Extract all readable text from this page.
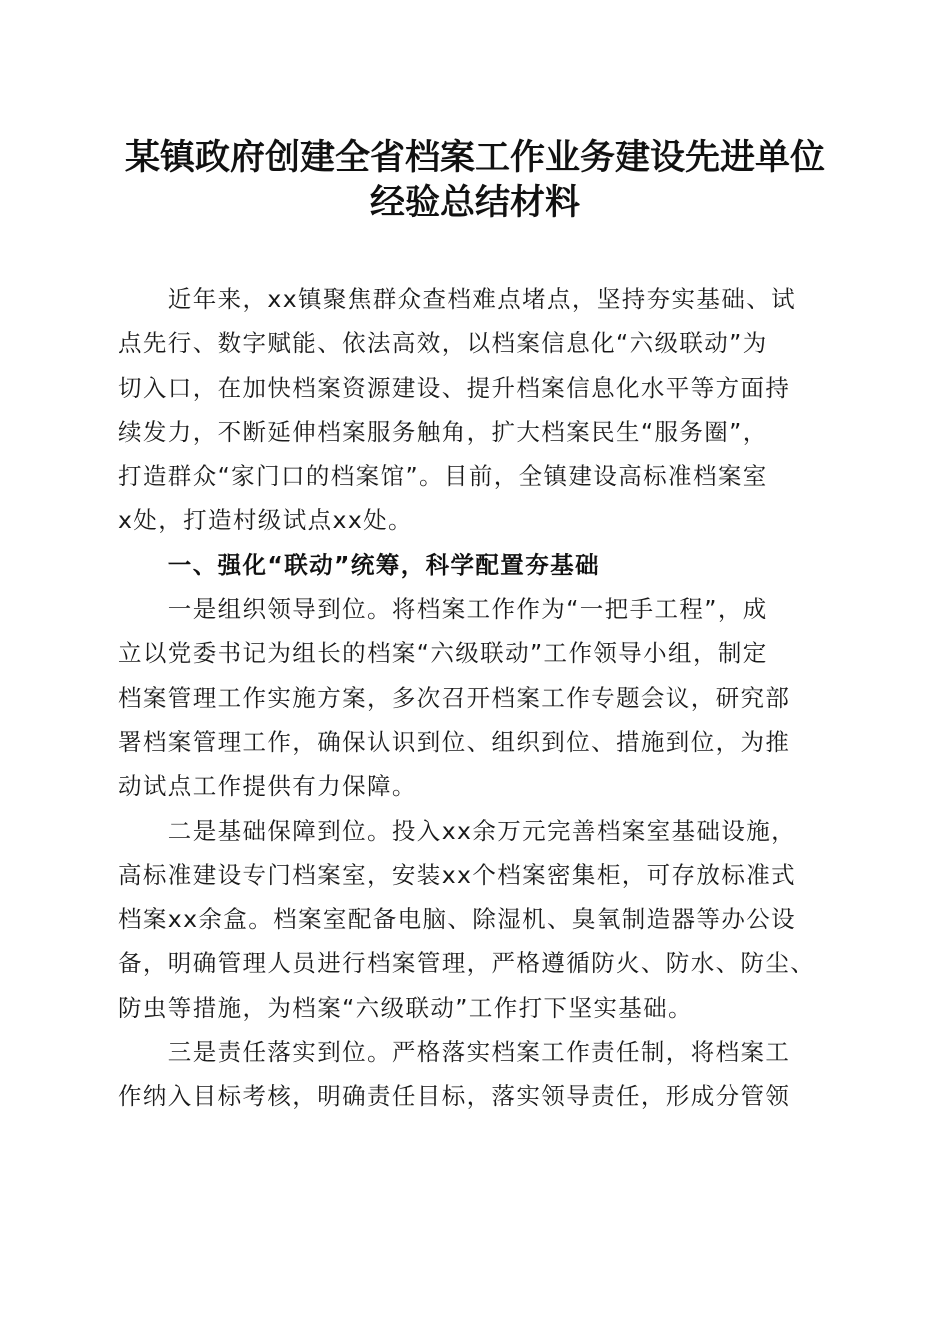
某镇政府创建全省档案工作业务建设先进单位
经验总结材料
　　近年来，xx镇聚焦群众查档难点堵点，坚持夯实基础、试
点先行、数字赋能、依法高效，以档案信息化“六级联动”为
切入口，在加快档案资源建设、提升档案信息化水平等方面持
续发力，不断延伸档案服务触角，扩大档案民生“服务圈”，
打造群众“家门口的档案馆”。目前，全镇建设高标准档案室
x处，打造村级试点xx处。
　　一、强化“联动”统筹，科学配置夯基础
　　一是组织领导到位。将档案工作作为“一把手工程”，成
立以党委书记为组长的档案“六级联动”工作领导小组，制定
档案管理工作实施方案，多次召开档案工作专题会议，研究部
署档案管理工作，确保认识到位、组织到位、措施到位，为推
动试点工作提供有力保障。
　　二是基础保障到位。投入xx余万元完善档案室基础设施，
高标准建设专门档案室，安装xx个档案密集柜，可存放标准式
档案xx余盒。档案室配备电脑、除湿机、臭氧制造器等办公设
备，明确管理人员进行档案管理，严格遵循防火、防水、防尘、
防虫等措施，为档案“六级联动”工作打下坚实基础。
　　三是责任落实到位。严格落实档案工作责任制，将档案工
作纳入目标考核，明确责任目标，落实领导责任，形成分管领
